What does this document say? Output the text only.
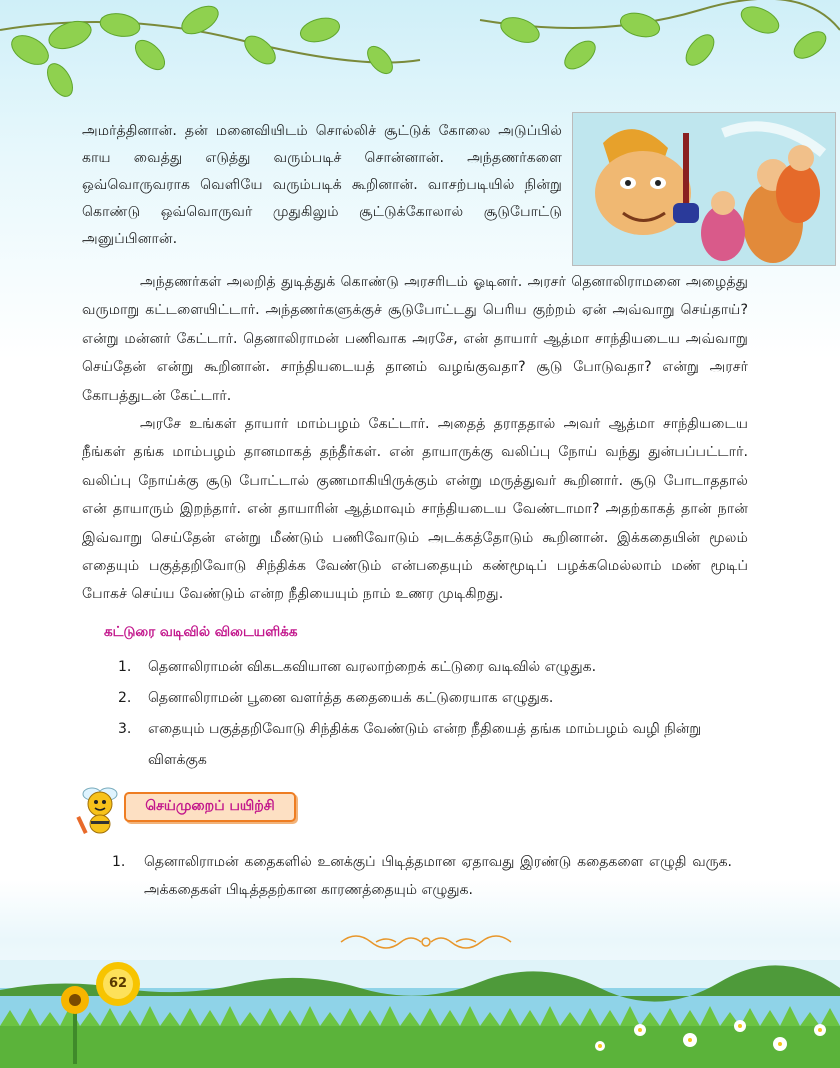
அமர்த்தினான். தன் மனைவியிடம் சொல்லிச் சூட்டுக் கோலை அடுப்பில் காய வைத்து எடுத்து வரும்படிச் சொன்னான். அந்தணர்களை ஒவ்வொருவராக வெளியே வரும்படிக் கூறினான். வாசற்படியில் நின்று கொண்டு ஒவ்வொருவர் முதுகிலும் சூட்டுக்கோலால் சூடுபோட்டு அனுப்பினான்.

அந்தணர்கள் அலறித் துடித்துக் கொண்டு அரசரிடம் ஓடினர். அரசர் தெனாலிராமனை அழைத்து வருமாறு கட்டளையிட்டார். அந்தணர்களுக்குச் சூடுபோட்டது பெரிய குற்றம் ஏன் அவ்வாறு செய்தாய்? என்று மன்னர் கேட்டார். தெனாலிராமன் பணிவாக அரசே, என் தாயார் ஆத்மா சாந்தியடைய அவ்வாறு செய்தேன் என்று கூறினான். சாந்தியடையத் தானம் வழங்குவதா? சூடு போடுவதா? என்று அரசர் கோபத்துடன் கேட்டார்.

அரசே உங்கள் தாயார் மாம்பழம் கேட்டார். அதைத் தராததால் அவர் ஆத்மா சாந்தியடைய நீங்கள் தங்க மாம்பழம் தானமாகத் தந்தீர்கள். என் தாயாருக்கு வலிப்பு நோய் வந்து துன்பப்பட்டார். வலிப்பு நோய்க்கு சூடு போட்டால் குணமாகியிருக்கும் என்று மருத்துவர் கூறினார். சூடு போடாததால் என் தாயாரும் இறந்தார். என் தாயாரின் ஆத்மாவும் சாந்தியடைய வேண்டாமா? அதற்காகத் தான் நான் இவ்வாறு செய்தேன் என்று மீண்டும் பணிவோடும் அடக்கத்தோடும் கூறினான். இக்கதையின் மூலம் எதையும் பகுத்தறிவோடு சிந்திக்க வேண்டும் என்பதையும் கண்மூடிப் பழக்கமெல்லாம் மண் மூடிப் போகச் செய்ய வேண்டும் என்ற நீதியையும் நாம் உணர முடிகிறது.

கட்டுரை வடிவில் விடையளிக்க
1.	தெனாலிராமன் விகடகவியான வரலாற்றைக் கட்டுரை வடிவில் எழுதுக.
2.	தெனாலிராமன் பூனை வளர்த்த கதையைக் கட்டுரையாக எழுதுக.
3.	எதையும் பகுத்தறிவோடு சிந்திக்க வேண்டும் என்ற நீதியைத் தங்க மாம்பழம் வழி நின்று விளக்குக
செய்முறைப் பயிற்சி
1.	தெனாலிராமன் கதைகளில் உனக்குப் பிடித்தமான ஏதாவது இரண்டு கதைகளை எழுதி வருக. அக்கதைகள் பிடித்ததற்கான காரணத்தையும் எழுதுக.
62
